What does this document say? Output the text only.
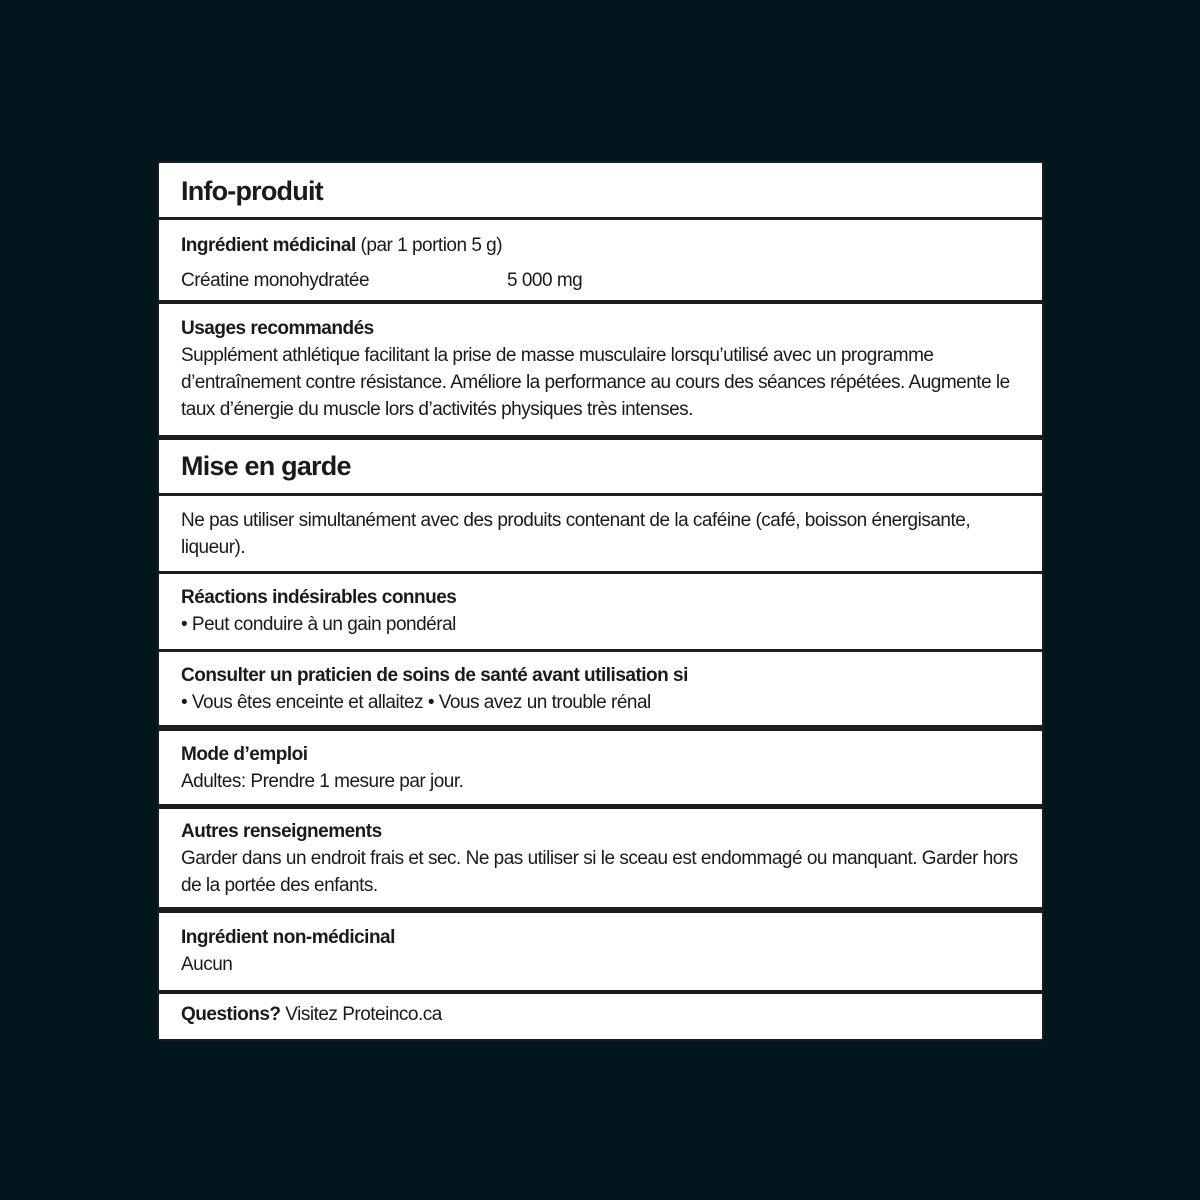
Info-produit
Ingrédient médicinal (par 1 portion 5 g)
Créatine monohydratée	5 000 mg
Usages recommandés
Supplément athlétique facilitant la prise de masse musculaire lorsqu’utilisé avec un programme d’entraînement contre résistance. Améliore la performance au cours des séances répétées. Augmente le taux d’énergie du muscle lors d’activités physiques très intenses.
Mise en garde
Ne pas utiliser simultanément avec des produits contenant de la caféine (café, boisson énergisante, liqueur).
Réactions indésirables connues
• Peut conduire à un gain pondéral
Consulter un praticien de soins de santé avant utilisation si
• Vous êtes enceinte et allaitez • Vous avez un trouble rénal
Mode d’emploi
Adultes: Prendre 1 mesure par jour.
Autres renseignements
Garder dans un endroit frais et sec. Ne pas utiliser si le sceau est endommagé ou manquant. Garder hors de la portée des enfants.
Ingrédient non-médicinal
Aucun
Questions? Visitez Proteinco.ca
